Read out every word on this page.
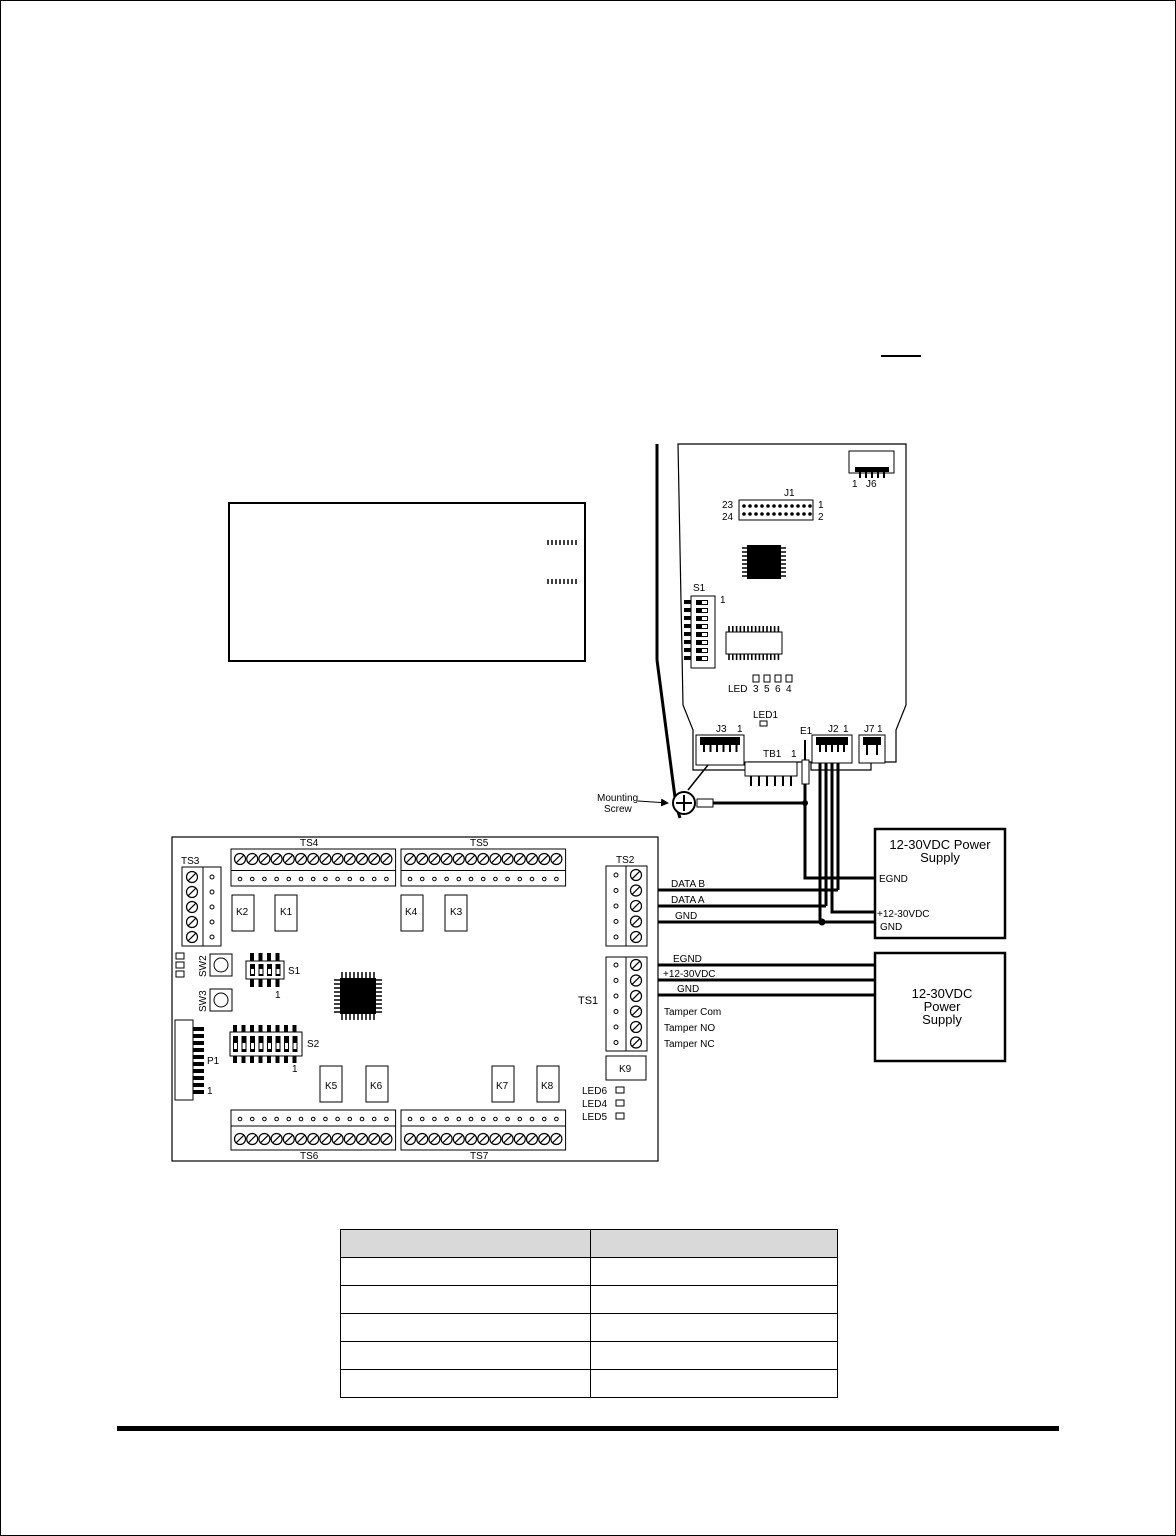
1 J6
J1
23
24
1
2
S1
1
LED 3 5 6 4
LED1
J3 1	E1
TB1 1
J2 1 J7 1
Mounting
Screw
12-30VDC Power
Supply
EGND
+12-30VDC
GND
12-30VDC
Power
Supply
TS3
TS4	TS5
K2	K1	K4	K3
K5	K6	K7	K8
K9
SW2
SW3
S1
1
S2
1
P1
1
TS2
DATA B
DATA A
GND
TS1
EGND
+12-30VDC
GND
Tamper Com
Tamper NO
Tamper NC
LED6
LED4
LED5
TS6	TS7
